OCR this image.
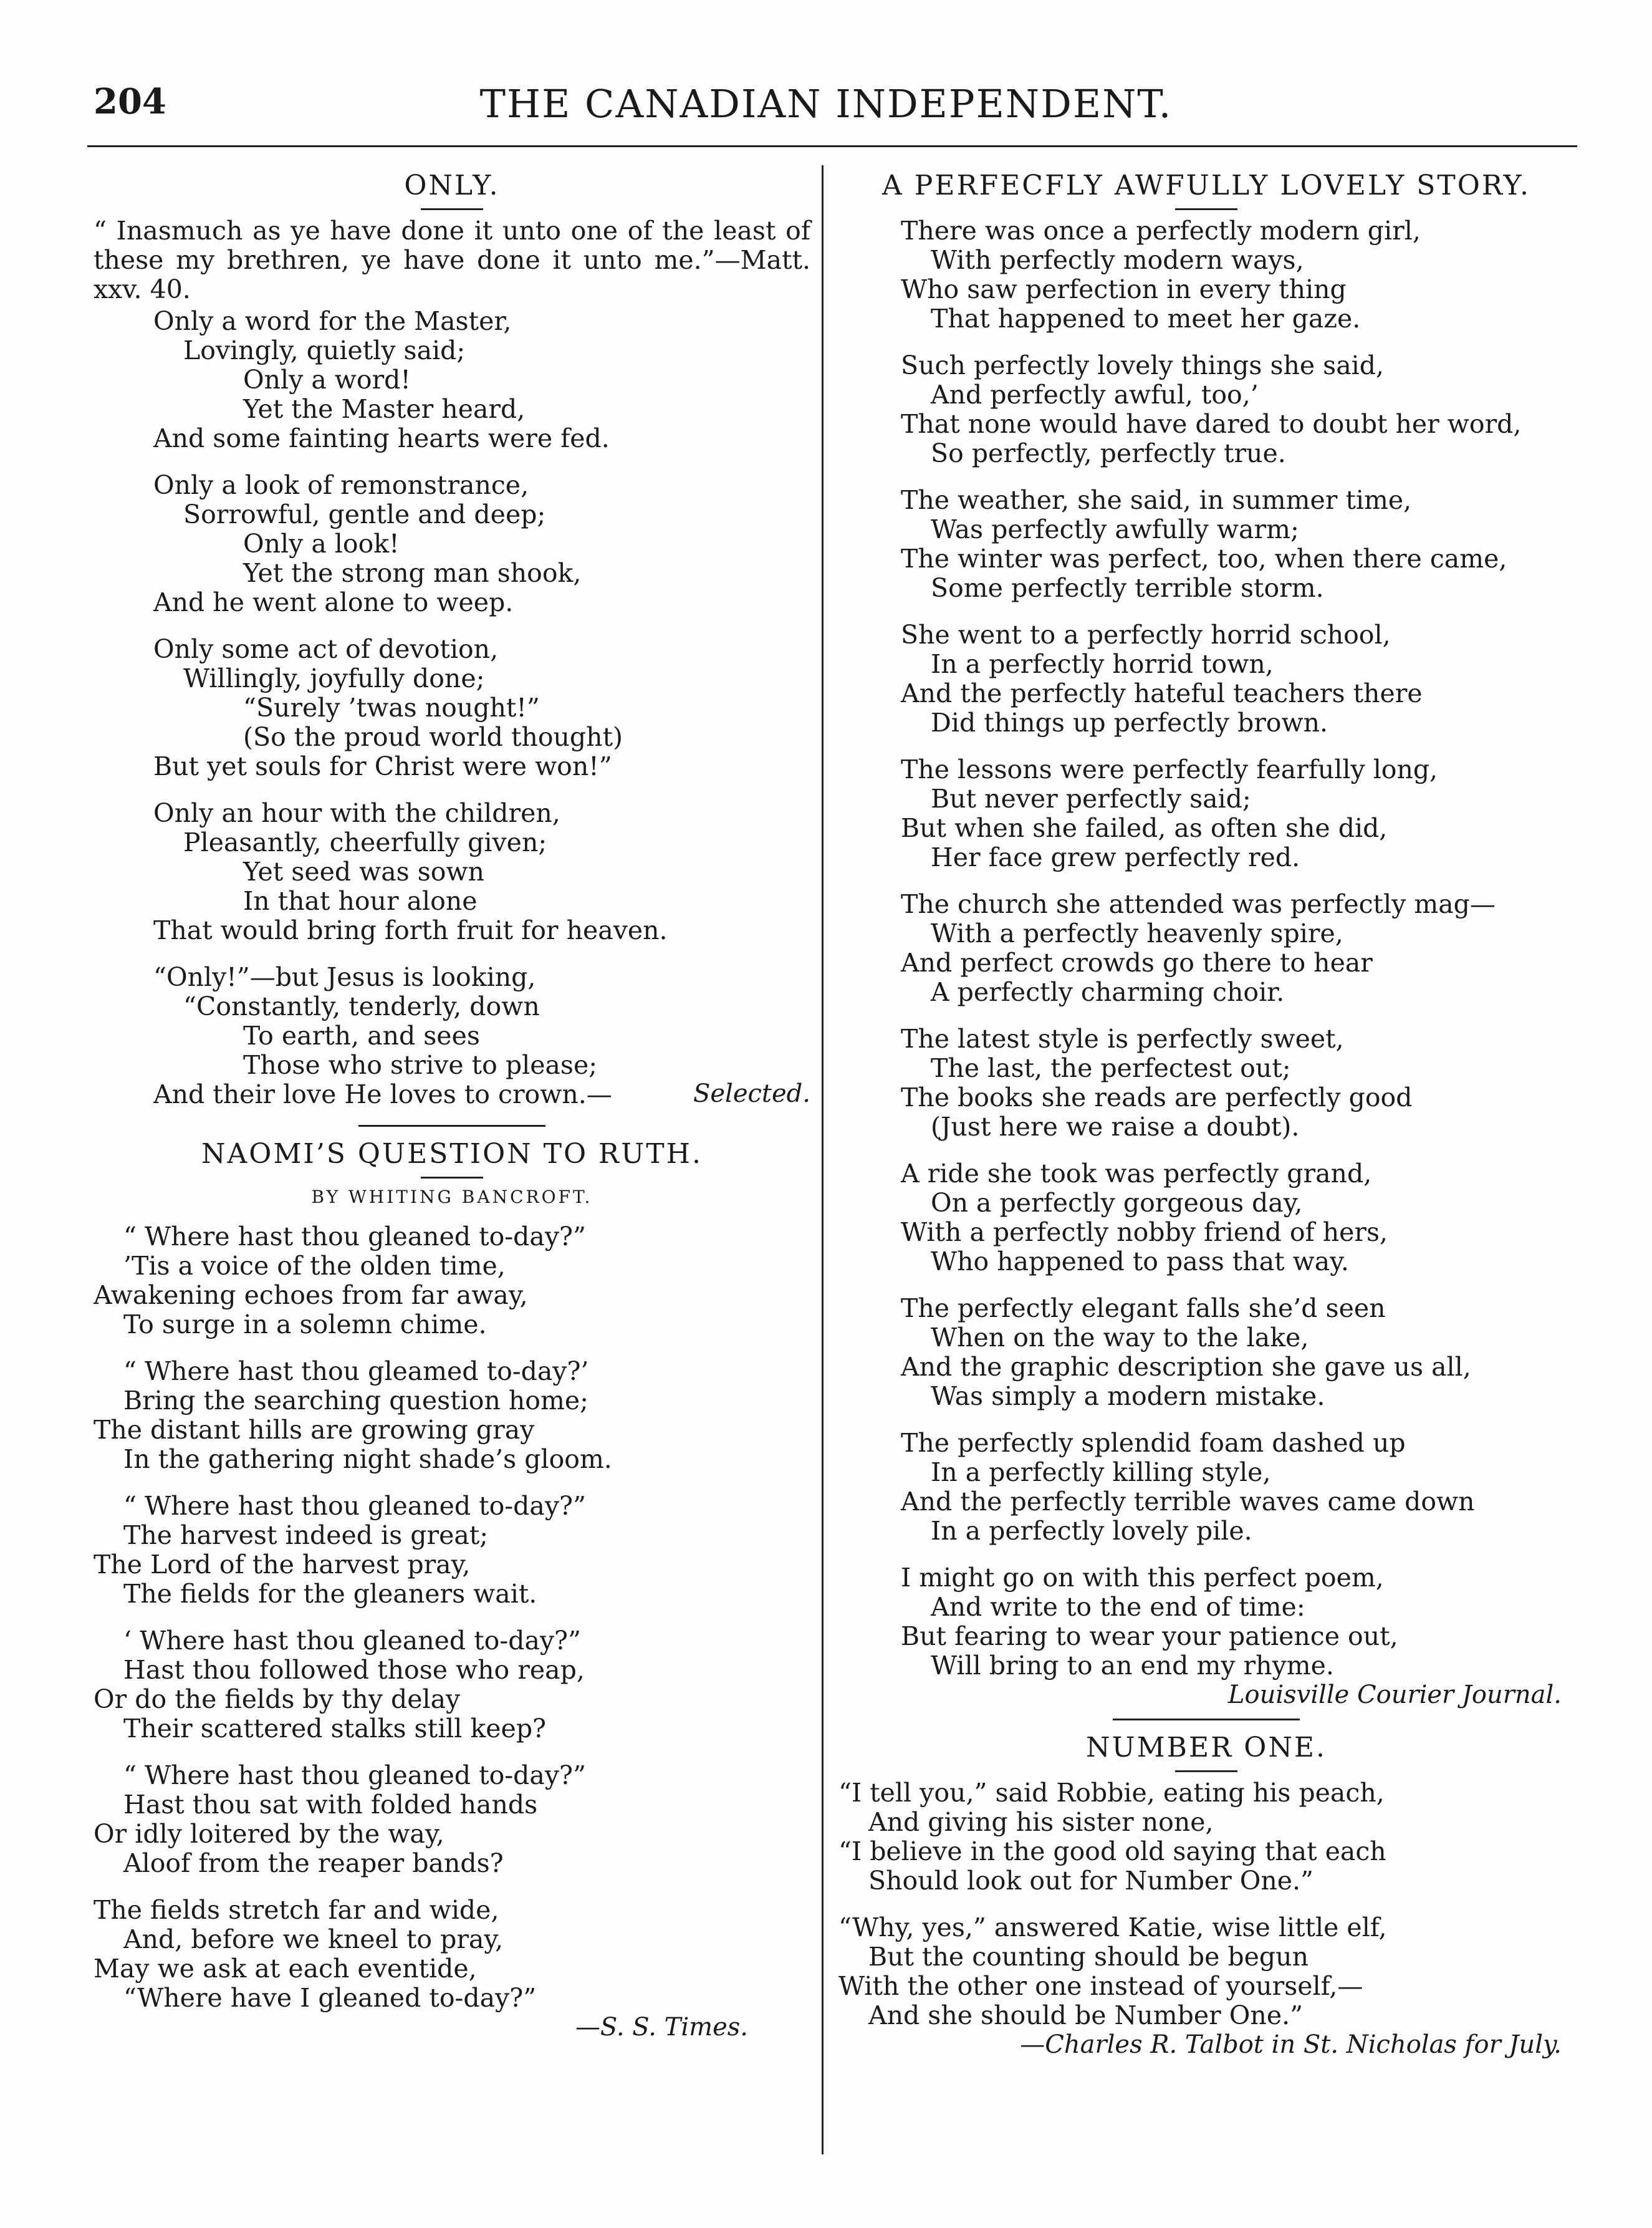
204	THE CANADIAN INDEPENDENT.
ONLY.
“ Inasmuch as ye have done it unto one of the least of these my brethren, ye have done it unto me.”—Matt. xxv. 40.
Only a word for the Master,
Lovingly, quietly said;
Only a word!
Yet the Master heard,
And some fainting hearts were fed.
Only a look of remonstrance,
Sorrowful, gentle and deep;
Only a look!
Yet the strong man shook,
And he went alone to weep.
Only some act of devotion,
Willingly, joyfully done;
“Surely ’twas nought!”
(So the proud world thought)
But yet souls for Christ were won!”
Only an hour with the children,
Pleasantly, cheerfully given;
Yet seed was sown
In that hour alone
That would bring forth fruit for heaven.
“Only!”—but Jesus is looking,
“Constantly, tenderly, down
To earth, and sees
Those who strive to please;
And their love He loves to crown.—	Selected.
NAOMI’S QUESTION TO RUTH.
BY WHITING BANCROFT.
“ Where hast thou gleaned to-day?”
’Tis a voice of the olden time,
Awakening echoes from far away,
To surge in a solemn chime.
“ Where hast thou gleamed to-day?’
Bring the searching question home;
The distant hills are growing gray
In the gathering night shade’s gloom.
“ Where hast thou gleaned to-day?”
The harvest indeed is great;
The Lord of the harvest pray,
The fields for the gleaners wait.
‘ Where hast thou gleaned to-day?”
Hast thou followed those who reap,
Or do the fields by thy delay
Their scattered stalks still keep?
“ Where hast thou gleaned to-day?”
Hast thou sat with folded hands
Or idly loitered by the way,
Aloof from the reaper bands?
The fields stretch far and wide,
And, before we kneel to pray,
May we ask at each eventide,
“Where have I gleaned to-day?”
—S. S. Times.
A PERFECFLY AWFULLY LOVELY STORY.
There was once a perfectly modern girl,
With perfectly modern ways,
Who saw perfection in every thing
That happened to meet her gaze.
Such perfectly lovely things she said,
And perfectly awful, too,’
That none would have dared to doubt her word,
So perfectly, perfectly true.
The weather, she said, in summer time,
Was perfectly awfully warm;
The winter was perfect, too, when there came,
Some perfectly terrible storm.
She went to a perfectly horrid school,
In a perfectly horrid town,
And the perfectly hateful teachers there
Did things up perfectly brown.
The lessons were perfectly fearfully long,
But never perfectly said;
But when she failed, as often she did,
Her face grew perfectly red.
The church she attended was perfectly mag—
With a perfectly heavenly spire,
And perfect crowds go there to hear
A perfectly charming choir.
The latest style is perfectly sweet,
The last, the perfectest out;
The books she reads are perfectly good
(Just here we raise a doubt).
A ride she took was perfectly grand,
On a perfectly gorgeous day,
With a perfectly nobby friend of hers,
Who happened to pass that way.
The perfectly elegant falls she’d seen
When on the way to the lake,
And the graphic description she gave us all,
Was simply a modern mistake.
The perfectly splendid foam dashed up
In a perfectly killing style,
And the perfectly terrible waves came down
In a perfectly lovely pile.
I might go on with this perfect poem,
And write to the end of time:
But fearing to wear your patience out,
Will bring to an end my rhyme.
Louisville Courier Journal.
NUMBER ONE.
“I tell you,” said Robbie, eating his peach,
And giving his sister none,
“I believe in the good old saying that each
Should look out for Number One.”
“Why, yes,” answered Katie, wise little elf,
But the counting should be begun
With the other one instead of yourself,—
And she should be Number One.”
—Charles R. Talbot in St. Nicholas for July.
